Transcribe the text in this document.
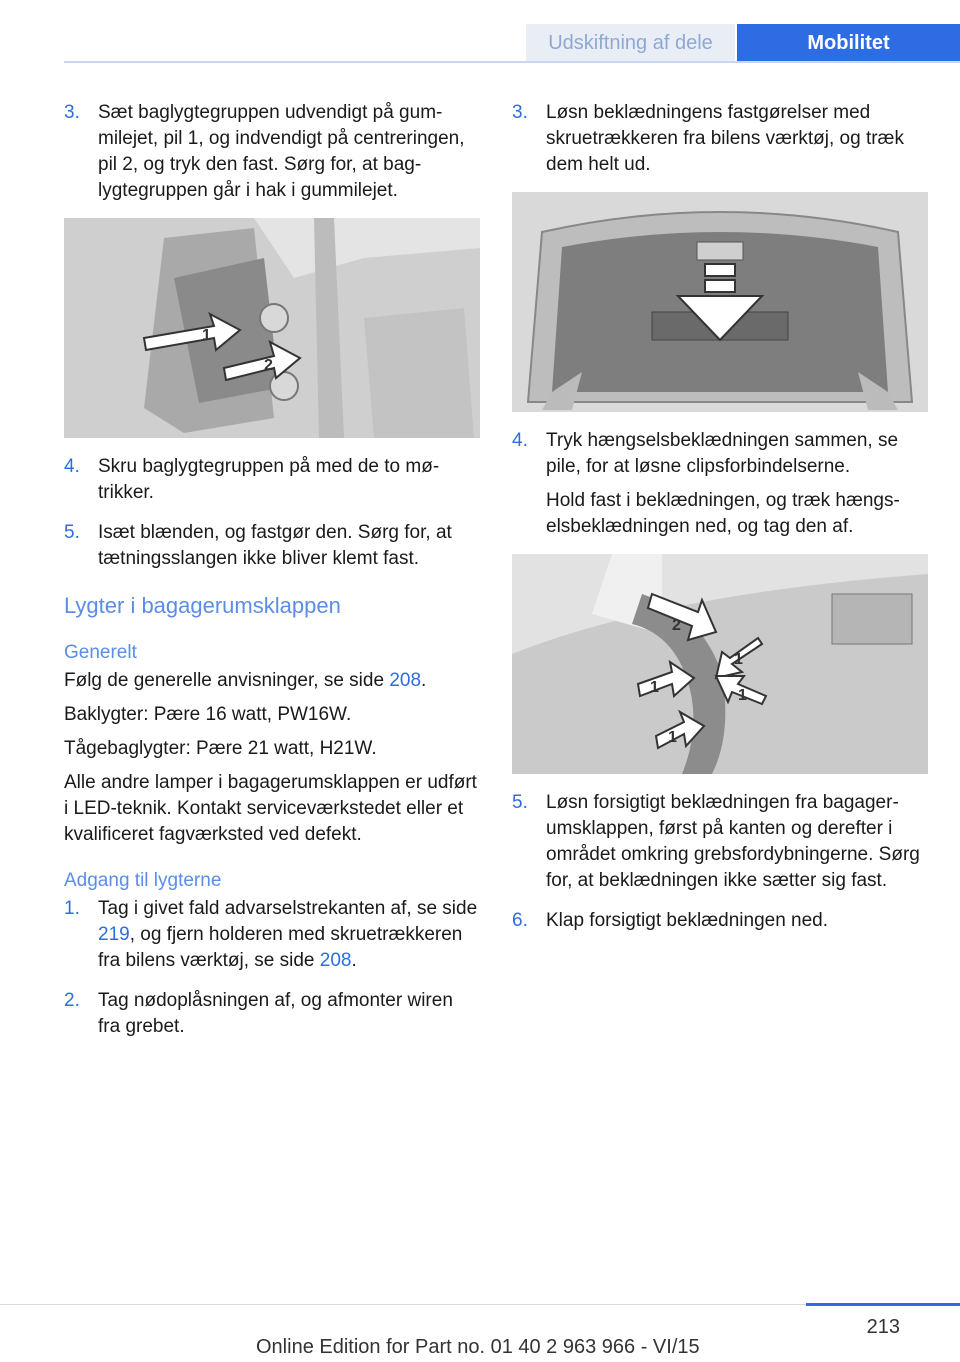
Udskiftning af dele	Mobilitet
3. Sæt baglygtegruppen udvendigt på gummilejet, pil 1, og indvendigt på centreringen, pil 2, og tryk den fast. Sørg for, at baglygtegruppen går i hak i gummilejet.
1
2
4. Skru baglygtegruppen på med de to møtrikker.
5. Isæt blænden, og fastgør den. Sørg for, at tætningsslangen ikke bliver klemt fast.
Lygter i bagagerumsklappen
Generelt

Følg de generelle anvisninger, se side 208.

Baklygter: Pære 16 watt, PW16W.

Tågebaglygter: Pære 21 watt, H21W.

Alle andre lamper i bagagerumsklappen er udført i LED-teknik. Kontakt serviceværkstedet eller et kvalificeret fagværksted ved defekt.

Adgang til lygterne
1. Tag i givet fald advarselstrekanten af, se side 219, og fjern holderen med skruetrækkeren fra bilens værktøj, se side 208.
2. Tag nødoplåsningen af, og afmonter wiren fra grebet.
3. Løsn beklædningens fastgørelser med skruetrækkeren fra bilens værktøj, og træk dem helt ud.
4. Tryk hængselsbeklædningen sammen, se pile, for at løsne clipsforbindelserne.
Hold fast i beklædningen, og træk hængselsbeklædningen ned, og tag den af.
2
1
1
1
1
5. Løsn forsigtigt beklædningen fra bagagerumsklappen, først på kanten og derefter i området omkring grebsfordybningerne. Sørg for, at beklædningen ikke sætter sig fast.
6. Klap forsigtigt beklædningen ned.
213
Online Edition for Part no. 01 40 2 963 966 - VI/15
